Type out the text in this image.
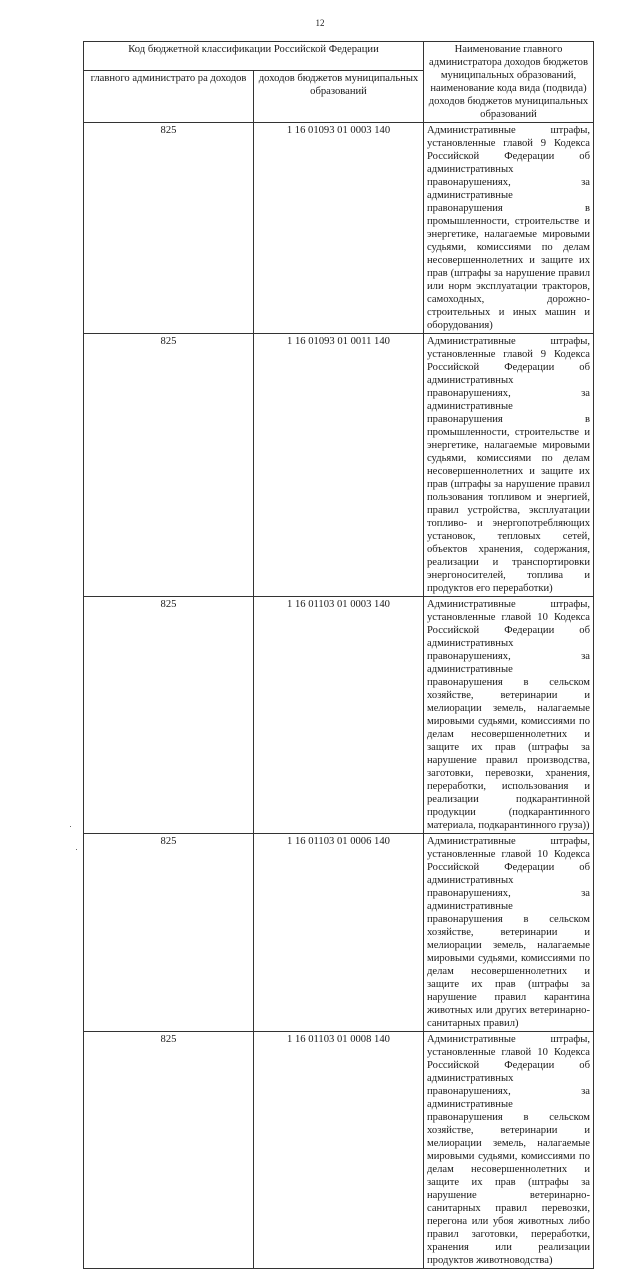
12
Код бюджетной классификации Российской Федерации		Наименование главного администратора доходов бюджетов муниципальных образований, наименование кода вида (подвида) доходов бюджетов муниципальных образований
главного администрато ра доходов	доходов бюджетов муниципальных образований	
825	1 16 01093 01 0003 140	Административные штрафы, установленные главой 9 Кодекса Российской Федерации об административных правонарушениях, за административные правонарушения в промышленности, строительстве и энергетике, налагаемые мировыми судьями, комиссиями по делам несовершеннолетних и защите их прав (штрафы за нарушение правил или норм эксплуатации тракторов, самоходных, дорожно-строительных и иных машин и оборудования)
825	1 16 01093 01 0011 140	Административные штрафы, установленные главой 9 Кодекса Российской Федерации об административных правонарушениях, за административные правонарушения в промышленности, строительстве и энергетике, налагаемые мировыми судьями, комиссиями по делам несовершеннолетних и защите их прав (штрафы за нарушение правил пользования топливом и энергией, правил устройства, эксплуатации топливо- и энергопотребляющих установок, тепловых сетей, объектов хранения, содержания, реализации и транспортировки энергоносителей, топлива и продуктов его переработки)
825	1 16 01103 01 0003 140	Административные штрафы, установленные главой 10 Кодекса Российской Федерации об административных правонарушениях, за административные правонарушения в сельском хозяйстве, ветеринарии и мелиорации земель, налагаемые мировыми судьями, комиссиями по делам несовершеннолетних и защите их прав (штрафы за нарушение правил производства, заготовки, перевозки, хранения, переработки, использования и реализации подкарантинной продукции (подкарантинного материала, подкарантинного груза))
825	1 16 01103 01 0006 140	Административные штрафы, установленные главой 10 Кодекса Российской Федерации об административных правонарушениях, за административные правонарушения в сельском хозяйстве, ветеринарии и мелиорации земель, налагаемые мировыми судьями, комиссиями по делам несовершеннолетних и защите их прав (штрафы за нарушение правил карантина животных или других ветеринарно-санитарных правил)
825	1 16 01103 01 0008 140	Административные штрафы, установленные главой 10 Кодекса Российской Федерации об административных правонарушениях, за административные правонарушения в сельском хозяйстве, ветеринарии и мелиорации земель, налагаемые мировыми судьями, комиссиями по делам несовершеннолетних и защите их прав (штрафы за нарушение ветеринарно-санитарных правил перевозки, перегона или убоя животных либо правил заготовки, переработки, хранения или реализации продуктов животноводства)
